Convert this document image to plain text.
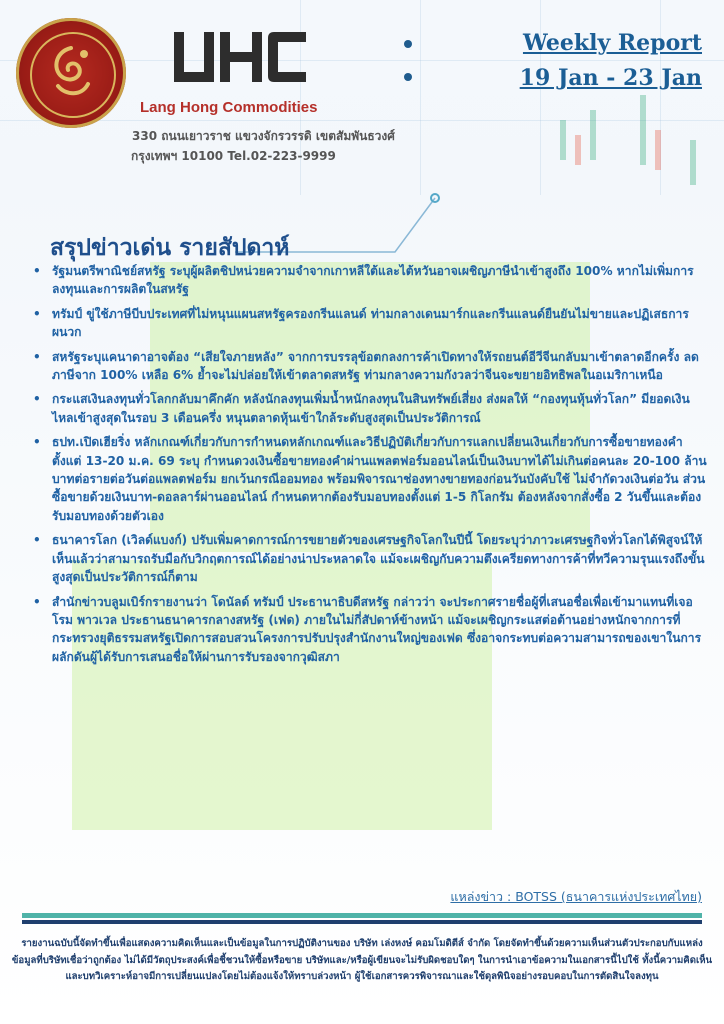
Lang Hong Commodities
330 ถนนเยาวราช แขวงจักรวรรดิ เขตสัมพันธวงศ์
กรุงเทพฯ 10100 Tel.02-223-9999
Weekly Report
19 Jan - 23 Jan
สรุปข่าวเด่น รายสัปดาห์
• รัฐมนตรีพาณิชย์สหรัฐ ระบุผู้ผลิตชิปหน่วยความจำจากเกาหลีใต้และไต้หวันอาจเผชิญภาษีนำเข้าสูงถึง 100% หากไม่เพิ่มการลงทุนและการผลิตในสหรัฐ
• ทรัมป์ ขู่ใช้ภาษีบีบประเทศที่ไม่หนุนแผนสหรัฐครองกรีนแลนด์ ท่ามกลางเดนมาร์กและกรีนแลนด์ยืนยันไม่ขายและปฏิเสธการผนวก
• สหรัฐระบุแคนาดาอาจต้อง “เสียใจภายหลัง” จากการบรรลุข้อตกลงการค้าเปิดทางให้รถยนต์อีวีจีนกลับมาเข้าตลาดอีกครั้ง ลดภาษีจาก 100% เหลือ 6% ย้ำจะไม่ปล่อยให้เข้าตลาดสหรัฐ ท่ามกลางความกังวลว่าจีนจะขยายอิทธิพลในอเมริกาเหนือ
• กระแสเงินลงทุนทั่วโลกกลับมาคึกคัก หลังนักลงทุนเพิ่มน้ำหนักลงทุนในสินทรัพย์เสี่ยง ส่งผลให้ “กองทุนหุ้นทั่วโลก” มียอดเงินไหลเข้าสูงสุดในรอบ 3 เดือนครึ่ง หนุนตลาดหุ้นเข้าใกล้ระดับสูงสุดเป็นประวัติการณ์
• ธปท.เปิดเฮียริ่ง หลักเกณฑ์เกี่ยวกับการกำหนดหลักเกณฑ์และวิธีปฏิบัติเกี่ยวกับการแลกเปลี่ยนเงินเกี่ยวกับการซื้อขายทองคำตั้งแต่ 13-20 ม.ค. 69 ระบุ กำหนดวงเงินซื้อขายทองคำผ่านแพลตฟอร์มออนไลน์เป็นเงินบาทได้ไม่เกินต่อคนละ 20-100 ล้านบาทต่อรายต่อวันต่อแพลตฟอร์ม ยกเว้นกรณีออมทอง พร้อมพิจารณาช่องทางขายทองก่อนวันบังคับใช้ ไม่จำกัดวงเงินต่อวัน ส่วนซื้อขายด้วยเงินบาท-ดอลลาร์ผ่านออนไลน์ กำหนดหากต้องรับมอบทองตั้งแต่ 1-5 กิโลกรัม ต้องหลังจากสั่งซื้อ 2 วันขึ้นและต้องรับมอบทองด้วยตัวเอง
• ธนาคารโลก (เวิลด์แบงก์) ปรับเพิ่มคาดการณ์การขยายตัวของเศรษฐกิจโลกในปีนี้ โดยระบุว่าภาวะเศรษฐกิจทั่วโลกได้พิสูจน์ให้เห็นแล้วว่าสามารถรับมือกับวิกฤตการณ์ได้อย่างน่าประหลาดใจ แม้จะเผชิญกับความตึงเครียดทางการค้าที่ทวีความรุนแรงถึงขั้นสูงสุดเป็นประวัติการณ์ก็ตาม
• สำนักข่าวบลูมเบิร์กรายงานว่า โดนัลด์ ทรัมป์ ประธานาธิบดีสหรัฐ กล่าวว่า จะประกาศรายชื่อผู้ที่เสนอชื่อเพื่อเข้ามาแทนที่เจอโรม พาวเวล ประธานธนาคารกลางสหรัฐ (เฟด) ภายในไม่กี่สัปดาห์ข้างหน้า แม้จะเผชิญกระแสต่อต้านอย่างหนักจากการที่กระทรวงยุติธรรมสหรัฐเปิดการสอบสวนโครงการปรับปรุงสำนักงานใหญ่ของเฟด ซึ่งอาจกระทบต่อความสามารถของเขาในการผลักดันผู้ได้รับการเสนอชื่อให้ผ่านการรับรองจากวุฒิสภา
แหล่งข่าว : BOTSS (ธนาคารแห่งประเทศไทย)
รายงานฉบับนี้จัดทำขึ้นเพื่อแสดงความคิดเห็นและเป็นข้อมูลในการปฏิบัติงานของ บริษัท เล่งหงษ์ คอมโมดิตีส์ จำกัด โดยจัดทำขึ้นด้วยความเห็นส่วนตัวประกอบกับแหล่งข้อมูลที่บริษัทเชื่อว่าถูกต้อง ไม่ได้มีวัตถุประสงค์เพื่อชี้ชวนให้ซื้อหรือขาย บริษัทและ/หรือผู้เขียนจะไม่รับผิดชอบใดๆ ในการนำเอาข้อความในเอกสารนี้ไปใช้ ทั้งนี้ความคิดเห็นและบทวิเคราะห์อาจมีการเปลี่ยนแปลงโดยไม่ต้องแจ้งให้ทราบล่วงหน้า ผู้ใช้เอกสารควรพิจารณาและใช้ดุลพินิจอย่างรอบคอบในการตัดสินใจลงทุน
